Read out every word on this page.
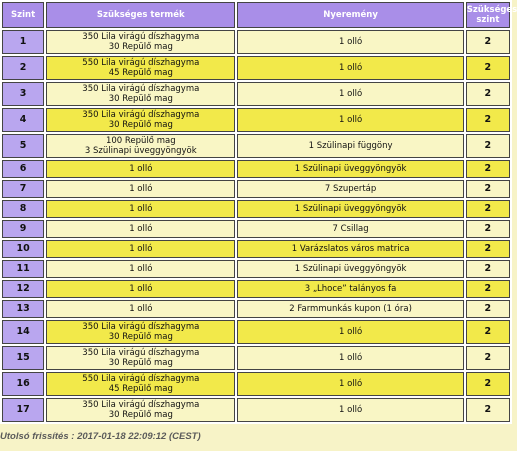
Szint	Szükséges termék	Nyeremény	Szükséges szint
1	350 Lila virágú díszhagyma
30 Repülő mag	1 olló	2
2	550 Lila virágú díszhagyma
45 Repülő mag	1 olló	2
3	350 Lila virágú díszhagyma
30 Repülő mag	1 olló	2
4	350 Lila virágú díszhagyma
30 Repülő mag	1 olló	2
5	100 Repülő mag
3 Szülinapi üveggyöngyök	1 Szülinapi függöny	2
6	1 olló	1 Szülinapi üveggyöngyök	2
7	1 olló	7 Szupertáp	2
8	1 olló	1 Szülinapi üveggyöngyök	2
9	1 olló	7 Csillag	2
10	1 olló	1 Varázslatos város matrica	2
11	1 olló	1 Szülinapi üveggyöngyök	2
12	1 olló	3 „Lhoce” talányos fa	2
13	1 olló	2 Farmmunkás kupon (1 óra)	2
14	350 Lila virágú díszhagyma
30 Repülő mag	1 olló	2
15	350 Lila virágú díszhagyma
30 Repülő mag	1 olló	2
16	550 Lila virágú díszhagyma
45 Repülő mag	1 olló	2
17	350 Lila virágú díszhagyma
30 Repülő mag	1 olló	2
Utolsó frissítés : 2017-01-18 22:09:12 (CEST)
